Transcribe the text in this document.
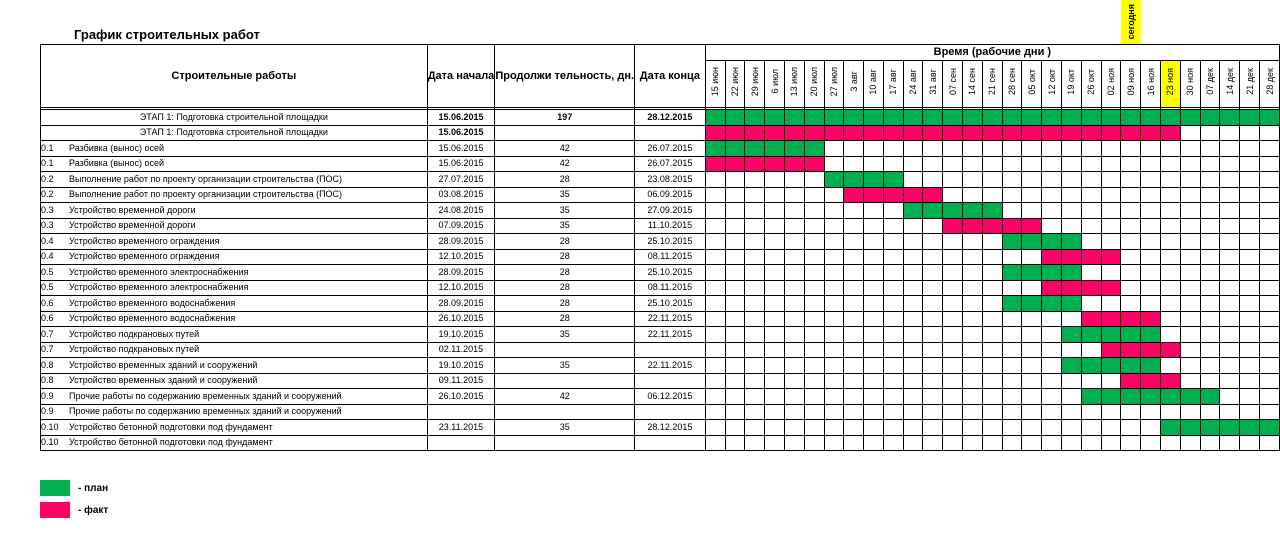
График строительных работ	сегодня
Строительные работы	Дата начала	Продолжи тельность, дн.	Дата конца	Время (рабочие дни )																												
				15 июн	22 июн	29 июн	6 июл	13 июл	20 июл	27 июл	3 авг	10 авг	17 авг	24 авг	31 авг	07 сен	14 сен	21 сен	28 сен	05 окт	12 окт	19 окт	26 окт	02 ноя	09 ноя	16 ноя	23 ноя	30 ноя	07 дек	14 дек	21 дек	28 дек

ЭТАП 1: Подготовка строительной площадки	15.06.2015	197	28.12.2015																													
ЭТАП 1: Подготовка строительной площадки	15.06.2015																															
0.1 Разбивка (вынос) осей	15.06.2015	42	26.07.2015																													
0.1 Разбивка (вынос) осей	15.06.2015	42	26.07.2015																													
0.2 Выполнение работ по проекту организации строительства (ПОС)	27.07.2015	28	23.08.2015																													
0.2 Выполнение работ по проекту организации строительства (ПОС)	03.08.2015	35	06.09.2015																													
0.3 Устройство временной дороги	24.08.2015	35	27.09.2015																													
0.3 Устройство временной дороги	07.09.2015	35	11.10.2015																													
0.4 Устройство временного ограждения	28.09.2015	28	25.10.2015																													
0.4 Устройство временного ограждения	12.10.2015	28	08.11.2015																													
0.5 Устройство временного электроснабжения	28.09.2015	28	25.10.2015																													
0.5 Устройство временного электроснабжения	12.10.2015	28	08.11.2015																													
0.6 Устройство временного водоснабжения	28.09.2015	28	25.10.2015																													
0.6 Устройство временного водоснабжения	26.10.2015	28	22.11.2015																													
0.7 Устройство подкрановых путей	19.10.2015	35	22.11.2015																													
0.7 Устройство подкрановых путей	02.11.2015																															
0.8 Устройство временных зданий и сооружений	19.10.2015	35	22.11.2015																													
0.8 Устройство временных зданий и сооружений	09.11.2015																															
0.9 Прочие работы по содержанию временных зданий и сооружений	26.10.2015	42	06.12.2015																													
0.9 Прочие работы по содержанию временных зданий и сооружений																																
0.10 Устройство бетонной подготовки под фундамент	23.11.2015	35	28.12.2015																													
0.10 Устройство бетонной подготовки под фундамент																																
- план
- факт
